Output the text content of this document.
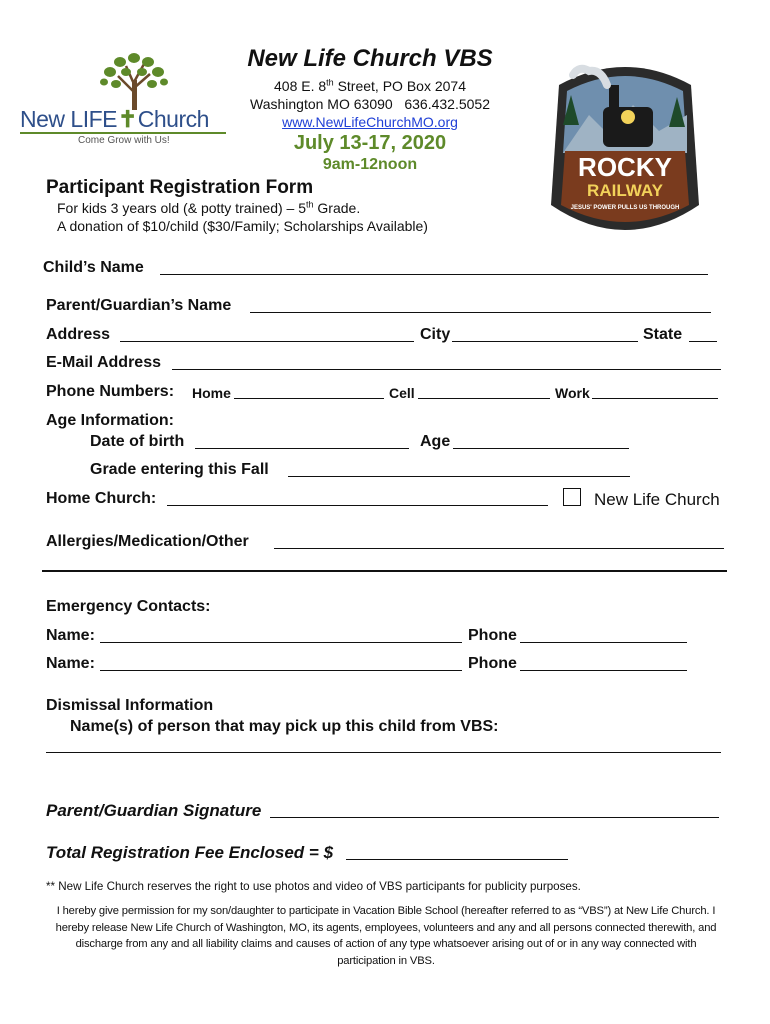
New LIFE✝Church
Come Grow with Us!
New Life Church VBS
408 E. 8th Street, PO Box 2074
Washington MO 63090   636.432.5052
www.NewLifeChurchMO.org
July 13-17, 2020
9am-12noon	ROCKY
RAILWAY
JESUS' POWER PULLS US THROUGH
Participant Registration Form
For kids 3 years old (& potty trained) – 5th Grade.
A donation of $10/child ($30/Family; Scholarships Available)
Child’s Name
Parent/Guardian’s Name
Address	City	State
E-Mail Address
Phone Numbers: Home	Cell	Work
Age Information:
Date of birth	Age
Grade entering this Fall
Home Church:	New Life Church
Allergies/Medication/Other
Emergency Contacts:
Name:	Phone
Name:	Phone
Dismissal Information
Name(s) of person that may pick up this child from VBS:
Parent/Guardian Signature
Total Registration Fee Enclosed = $
** New Life Church reserves the right to use photos and video of VBS participants for publicity purposes.
I hereby give permission for my son/daughter to participate in Vacation Bible School (hereafter referred to as “VBS”) at New Life Church. I hereby release New Life Church of Washington, MO, its agents, employees, volunteers and any and all persons connected therewith, and discharge from any and all liability claims and causes of action of any type whatsoever arising out of or in any way connected with participation in VBS.
